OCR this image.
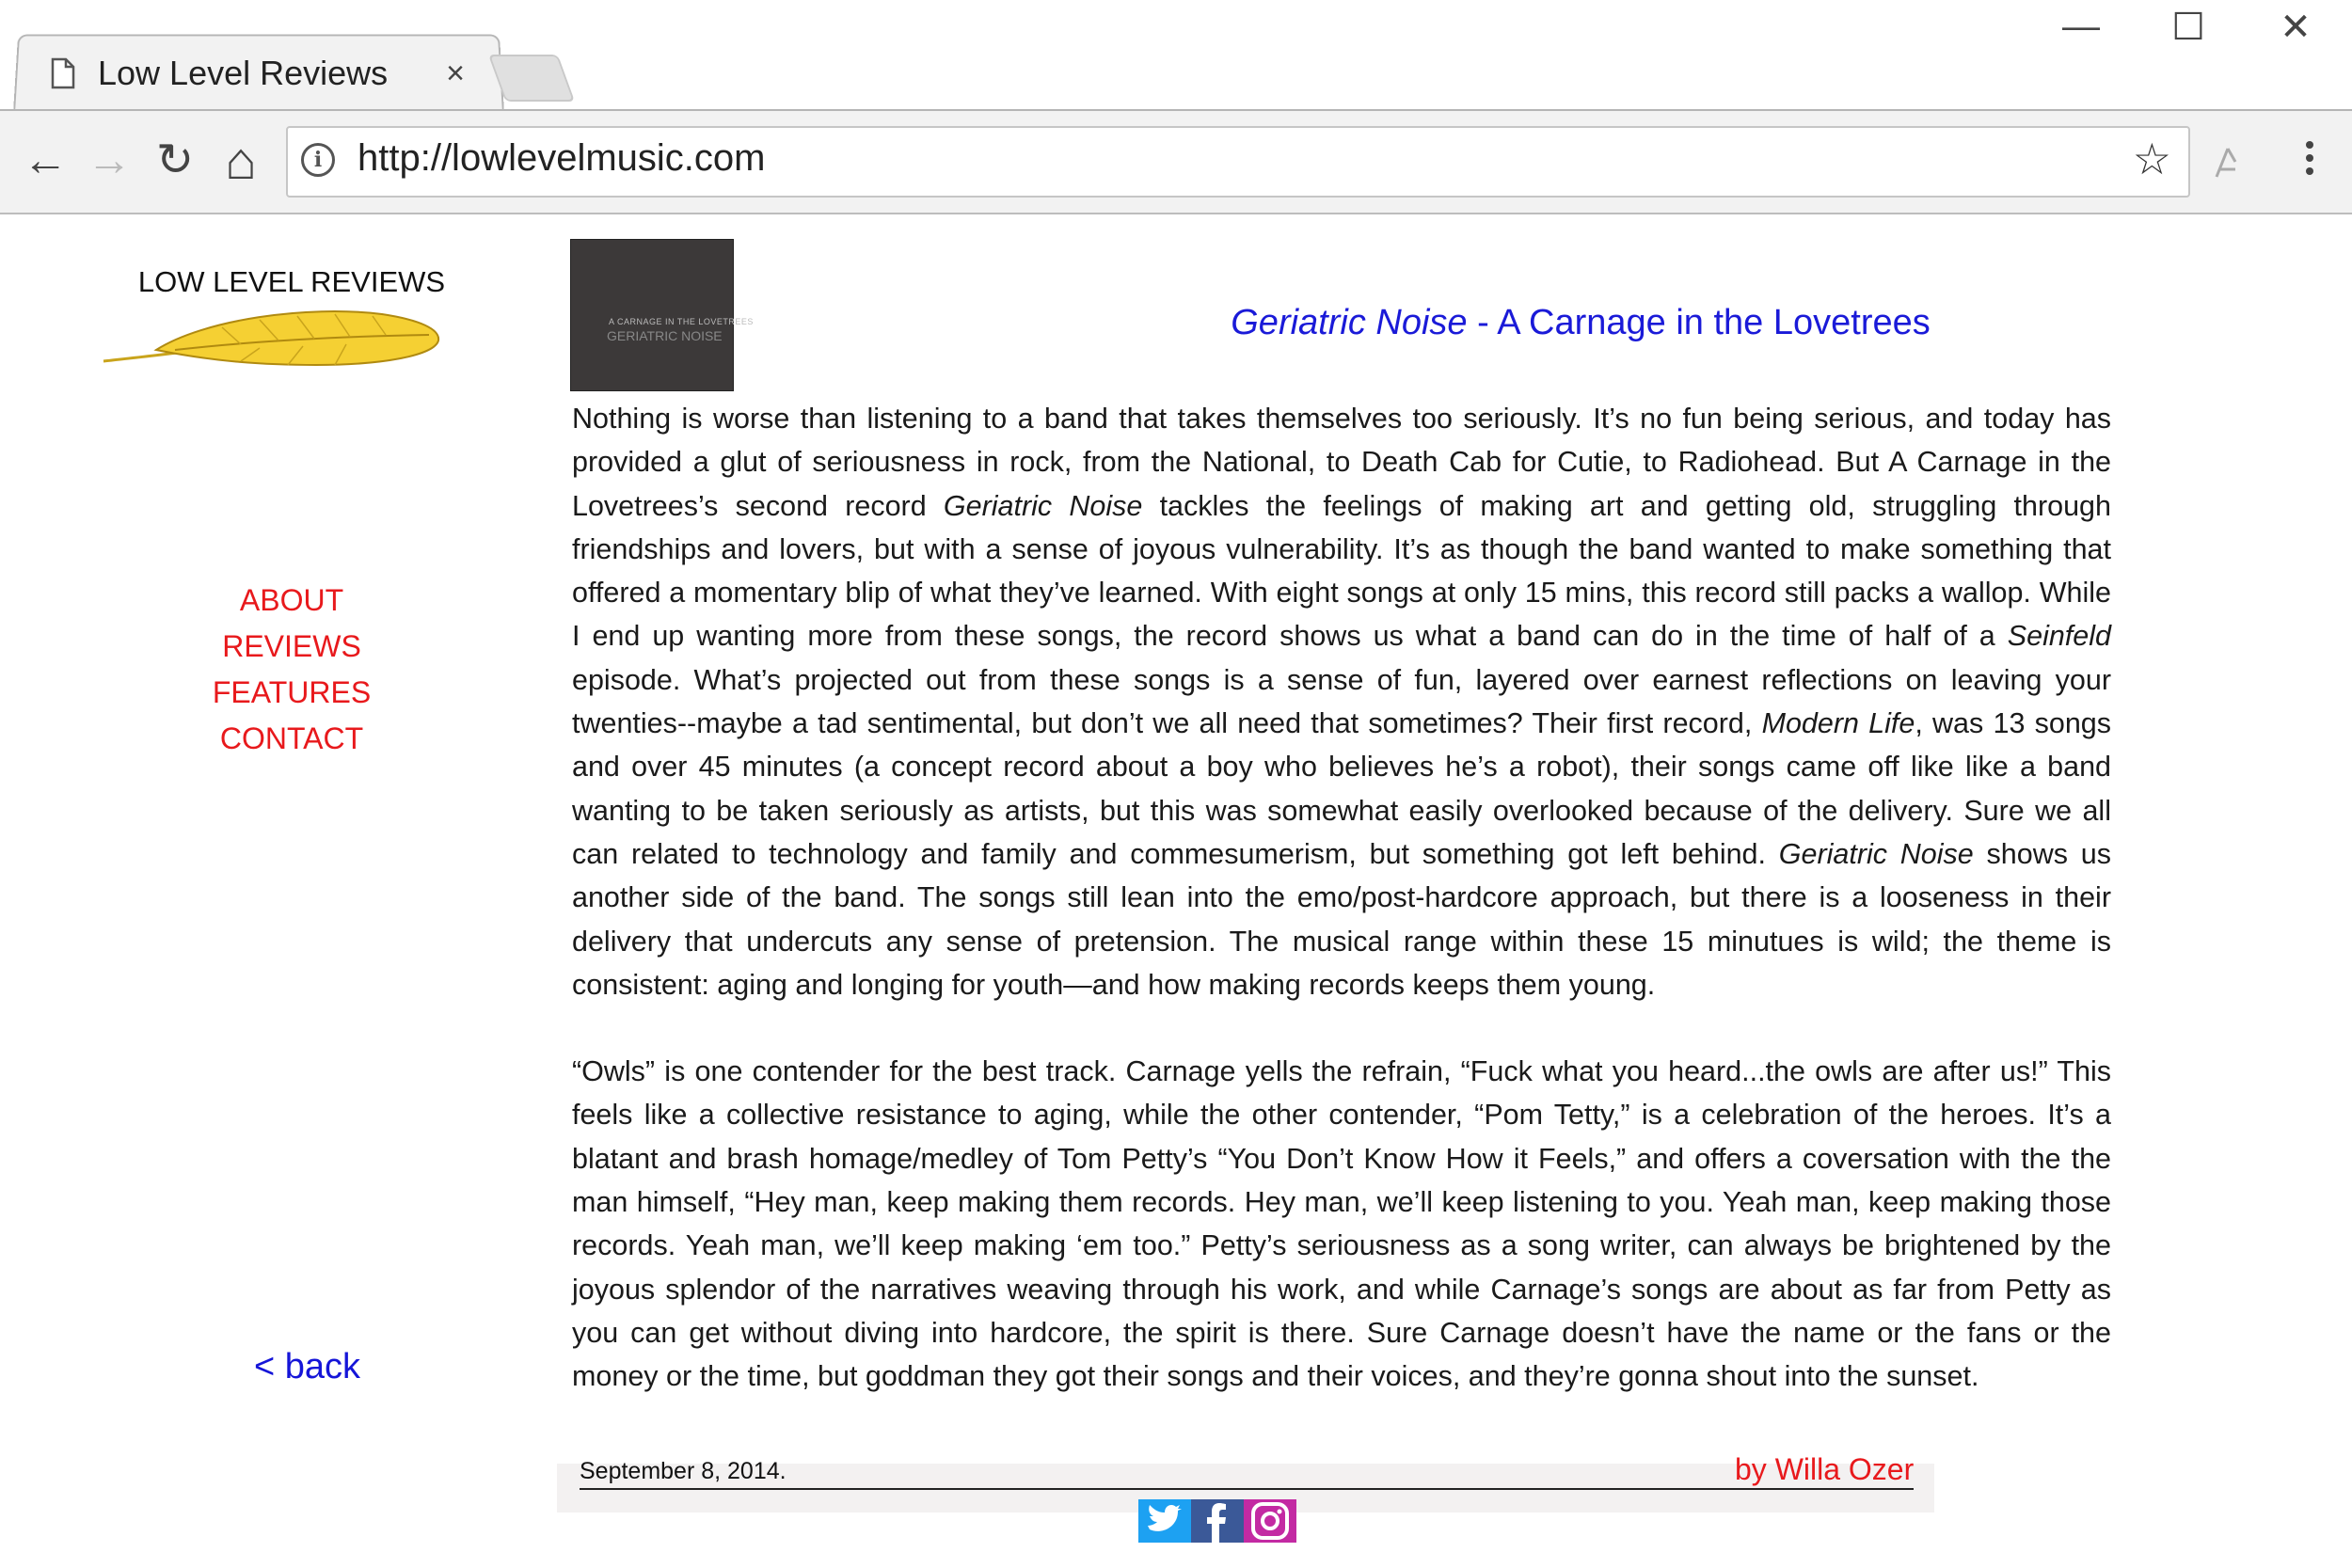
Low Level Reviews	×
—	☐	✕
← → ↻ ⌂	i http://lowlevelmusic.com	☆
LOW LEVEL REVIEWS
ABOUT
REVIEWS
FEATURES
CONTACT
< back
A CARNAGE IN THE LOVETREES
GERIATRIC NOISE	Geriatric Noise - A Carnage in the Lovetrees

Nothing is worse than listening to a band that takes themselves too seriously. It’s no fun being serious, and today has provided a glut of seriousness in rock, from the National, to Death Cab for Cutie, to Radiohead. But A Carnage in the Lovetrees’s second record Geriatric Noise tackles the feelings of making art and getting old, struggling through friendships and lovers, but with a sense of joyous vulnerability. It’s as though the band wanted to make something that offered a momentary blip of what they’ve learned. With eight songs at only 15 mins, this record still packs a wallop. While I end up wanting more from these songs, the record shows us what a band can do in the time of half of a Seinfeld episode. What’s projected out from these songs is a sense of fun, layered over earnest reflections on leaving your twenties--maybe a tad sentimental, but don’t we all need that sometimes? Their first record, Modern Life, was 13 songs and over 45 minutes (a concept record about a boy who believes he’s a robot), their songs came off like like a band wanting to be taken seriously as artists, but this was somewhat easily overlooked because of the delivery. Sure we all can related to technology and family and commesumerism, but something got left behind. Geriatric Noise shows us another side of the band. The songs still lean into the emo/post-hardcore approach, but there is a looseness in their delivery that undercuts any sense of pretension. The musical range within these 15 minutues is wild; the theme is consistent: aging and longing for youth—and how making records keeps them young.

“Owls” is one contender for the best track. Carnage yells the refrain, “Fuck what you heard...the owls are after us!” This feels like a collective resistance to aging, while the other contender, “Pom Tetty,” is a celebration of the heroes. It’s a blatant and brash homage/medley of Tom Petty’s “You Don’t Know How it Feels,” and offers a coversation with the the man himself, “Hey man, keep making them records. Hey man, we’ll keep listening to you. Yeah man, keep making those records. Yeah man, we’ll keep making ‘em too.” Petty’s seriousness as a song writer, can always be brightened by the joyous splendor of the narratives weaving through his work, and while Carnage’s songs are about as far from Petty as you can get without diving into hardcore, the spirit is there. Sure Carnage doesn’t have the name or the fans or the money or the time, but goddman they got their songs and their voices, and they’re gonna shout into the sunset.

September 8, 2014.	by Willa Ozer
